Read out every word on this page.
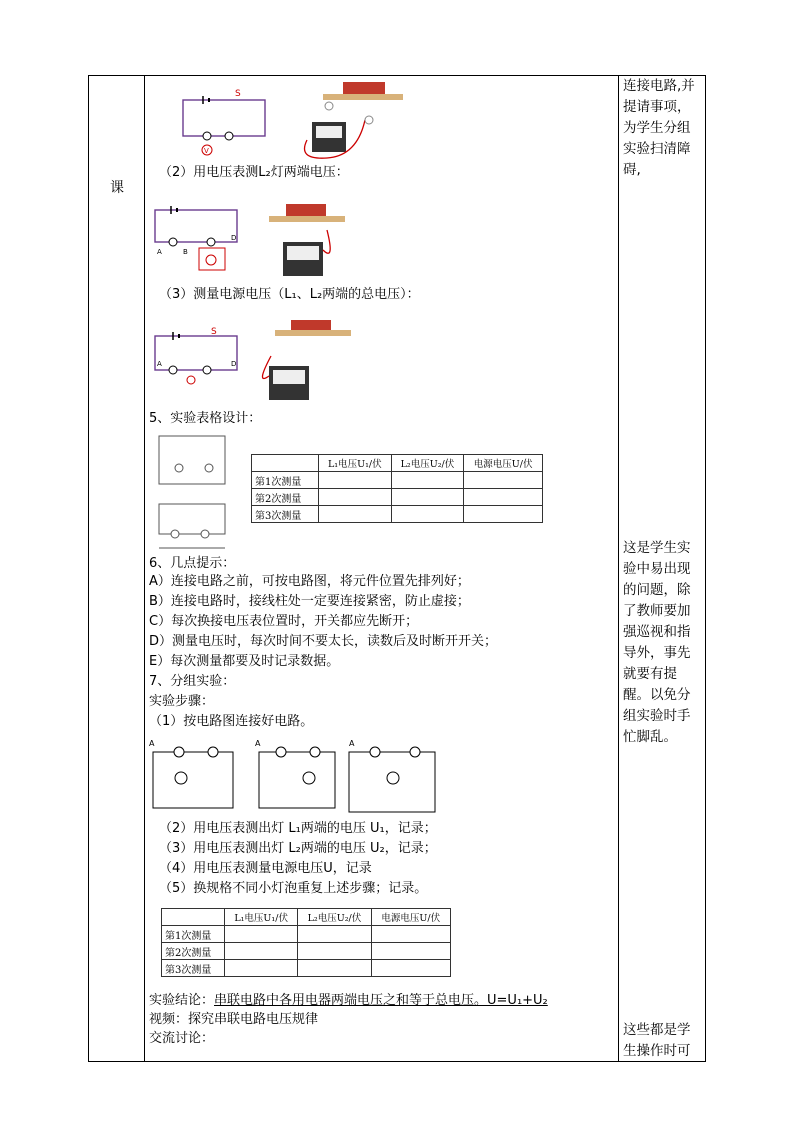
课
连接电路,并提请事项，为学生分组实验扫清障碍,
这是学生实验中易出现的问题，除了教师要加强巡视和指导外，事先就要有提醒。以免分组实验时手忙脚乱。
这些都是学生操作时可
S
V
（2）用电压表测L₂灯两端电压：
A	B
D
（3）测量电源电压（L₁、L₂两端的总电压）：
S
A	D
5、实验表格设计：
	L₁电压U₁/伏	L₂电压U₂/伏	电源电压U/伏
第1次测量			
第2次测量			
第3次测量			
6、几点提示：
A）连接电路之前，可按电路图，将元件位置先排列好；
B）连接电路时，接线柱处一定要连接紧密，防止虚接；
C）每次换接电压表位置时，开关都应先断开；
D）测量电压时，每次时间不要太长，读数后及时断开开关；
E）每次测量都要及时记录数据。
7、分组实验：
实验步骤：
（1）按电路图连接好电路。
A	A	A
（2）用电压表测出灯 L₁两端的电压 U₁，记录；
（3）用电压表测出灯 L₂两端的电压 U₂，记录；
（4）用电压表测量电源电压U，记录
（5）换规格不同小灯泡重复上述步骤；记录。
	L₁电压U₁/伏	L₂电压U₂/伏	电源电压U/伏
第1次测量			
第2次测量			
第3次测量			
实验结论：串联电路中各用电器两端电压之和等于总电压。U=U₁+U₂
视频：探究串联电路电压规律
交流讨论：
